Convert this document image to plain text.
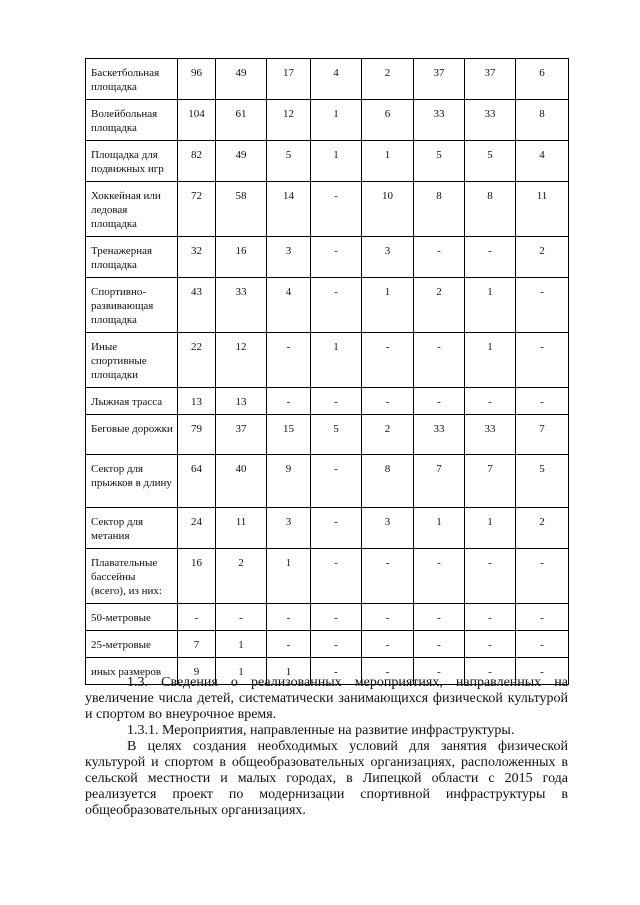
Баскетбольная площадка	96	49	17	4	2	37	37	6
Волейбольная площадка	104	61	12	1	6	33	33	8
Площадка для подвижных игр	82	49	5	1	1	5	5	4
Хоккейная или ледовая площадка	72	58	14	-	10	8	8	11
Тренажерная площадка	32	16	3	-	3	-	-	2
Спортивно-развивающая площадка	43	33	4	-	1	2	1	-
Иные спортивные площадки	22	12	-	1	-	-	1	-
Лыжная трасса	13	13	-	-	-	-	-	-
Беговые дорожки	79	37	15	5	2	33	33	7
Сектор для прыжков в длину	64	40	9	-	8	7	7	5
Сектор для метания	24	11	3	-	3	1	1	2
Плавательные бассейны (всего), из них:	16	2	1	-	-	-	-	-
50-метровые	-	-	-	-	-	-	-	-
25-метровые	7	1	-	-	-	-	-	-
иных размеров	9	1	1	-	-	-	-	-

1.3. Сведения о реализованных мероприятиях, направленных на увеличение числа детей, систематически занимающихся физической культурой и спортом во внеурочное время.

1.3.1. Мероприятия, направленные на развитие инфраструктуры.

В целях создания необходимых условий для занятия физической культурой и спортом в общеобразовательных организациях, расположенных в сельской местности и малых городах, в Липецкой области с 2015 года реализуется проект по модернизации спортивной инфраструктуры в общеобразовательных организациях.
